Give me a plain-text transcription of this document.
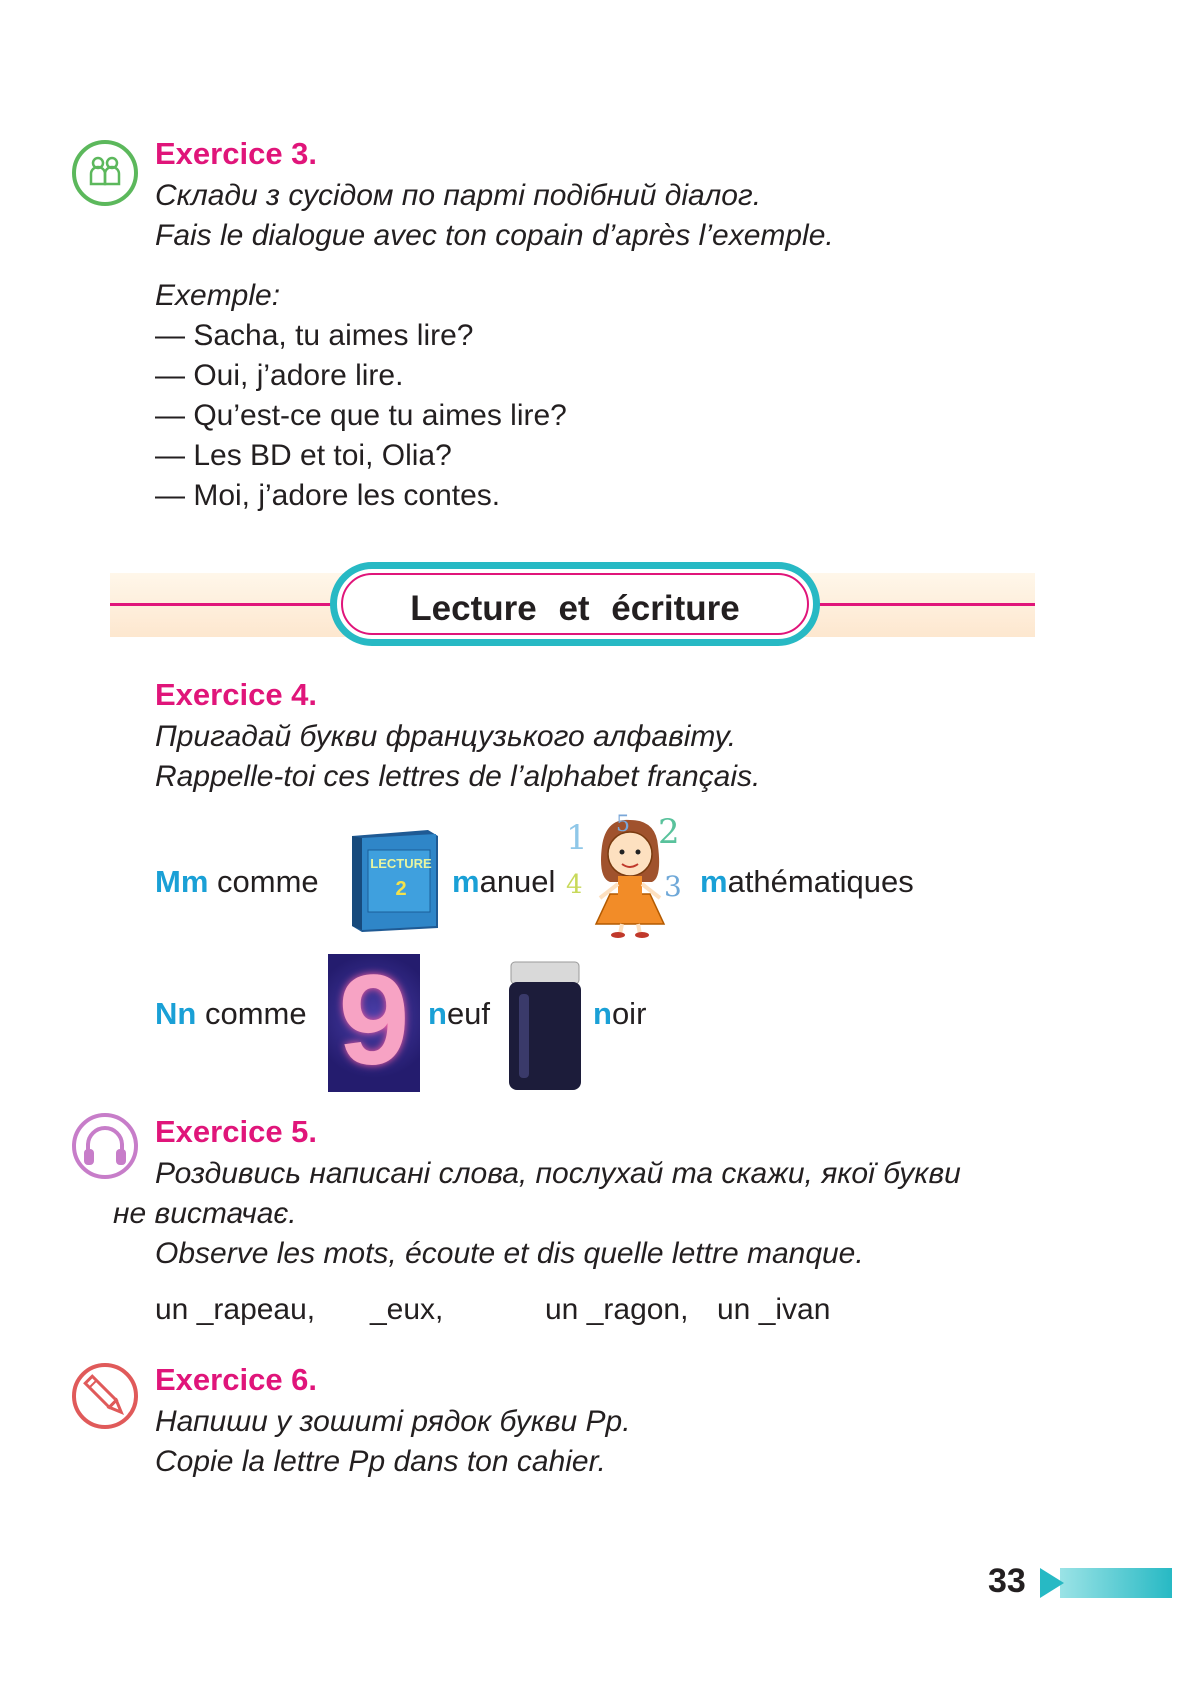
Exercice 3.
Склади з сусідом по парті подібний діалог.
Fais le dialogue avec ton copain d’après l’exemple.
Exemple:
— Sacha, tu aimes lire?
— Oui, j’adore lire.
— Qu’est-ce que tu aimes lire?
— Les BD et toi, Olia?
— Moi, j’adore les contes.
Lecture et écriture
Exercice 4.
Пригадай букви французького алфавіту.
Rappelle-toi ces lettres de l’alphabet français.
Mm comme
LECTURE
2	manuel
1 5 2
4	3 mathématiques
Nn comme 9 neuf	noir
Exercice 5.
Роздивись написані слова, послухай та скажи, якої букви
не вистачає.
Observe les mots, écoute et dis quelle lettre manque.
un _rapeau, _eux,	un _ragon, un _ivan
Exercice 6.
Напиши у зошиті рядок букви Рр.
Copie la lettre Pp dans ton cahier.
33
